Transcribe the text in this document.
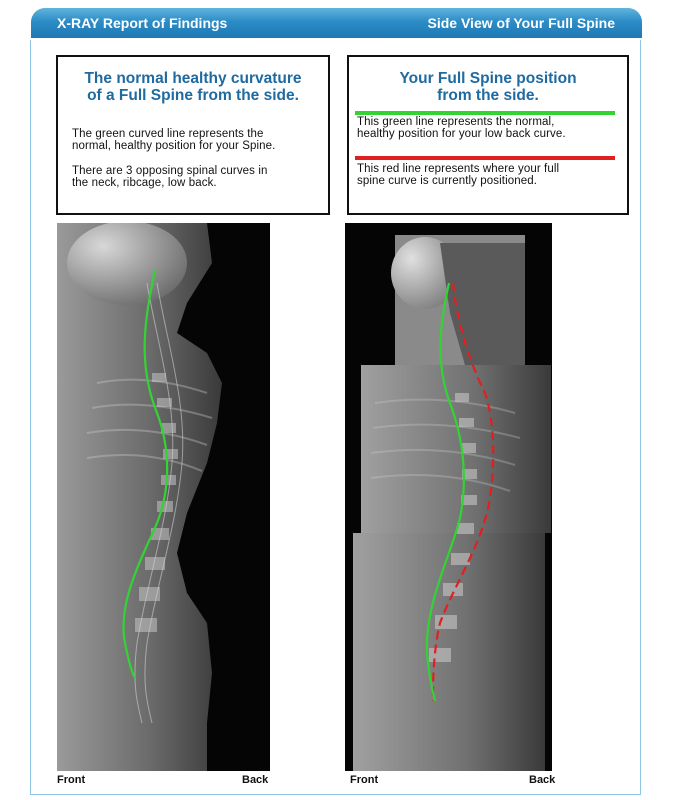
X-RAY Report of Findings	Side View of Your Full Spine
The normal healthy curvature
of a Full Spine from the side.

The green curved line represents the
normal, healthy position for your Spine.

There are 3 opposing spinal curves in
the neck, ribcage, low back.

Your Full Spine position
from the side.

This green line represents the normal,
healthy position for your low back curve.

This red line represents where your full
spine curve is currently positioned.

Front	Back	Front	Back
